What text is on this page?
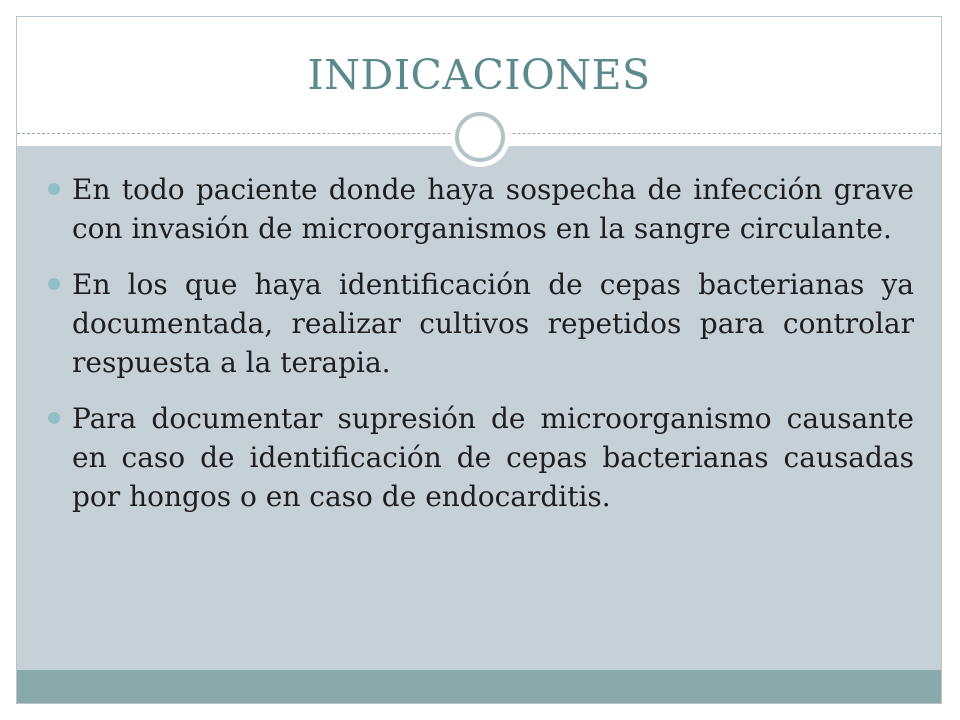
INDICACIONES
En todo paciente donde haya sospecha de infección grave con invasión de microorganismos en la sangre circulante.
En los que haya identificación de cepas bacterianas ya documentada, realizar cultivos repetidos para controlar respuesta a la terapia.
Para documentar supresión de microorganismo causante en caso de identificación de cepas bacterianas causadas por hongos o en caso de endocarditis.
